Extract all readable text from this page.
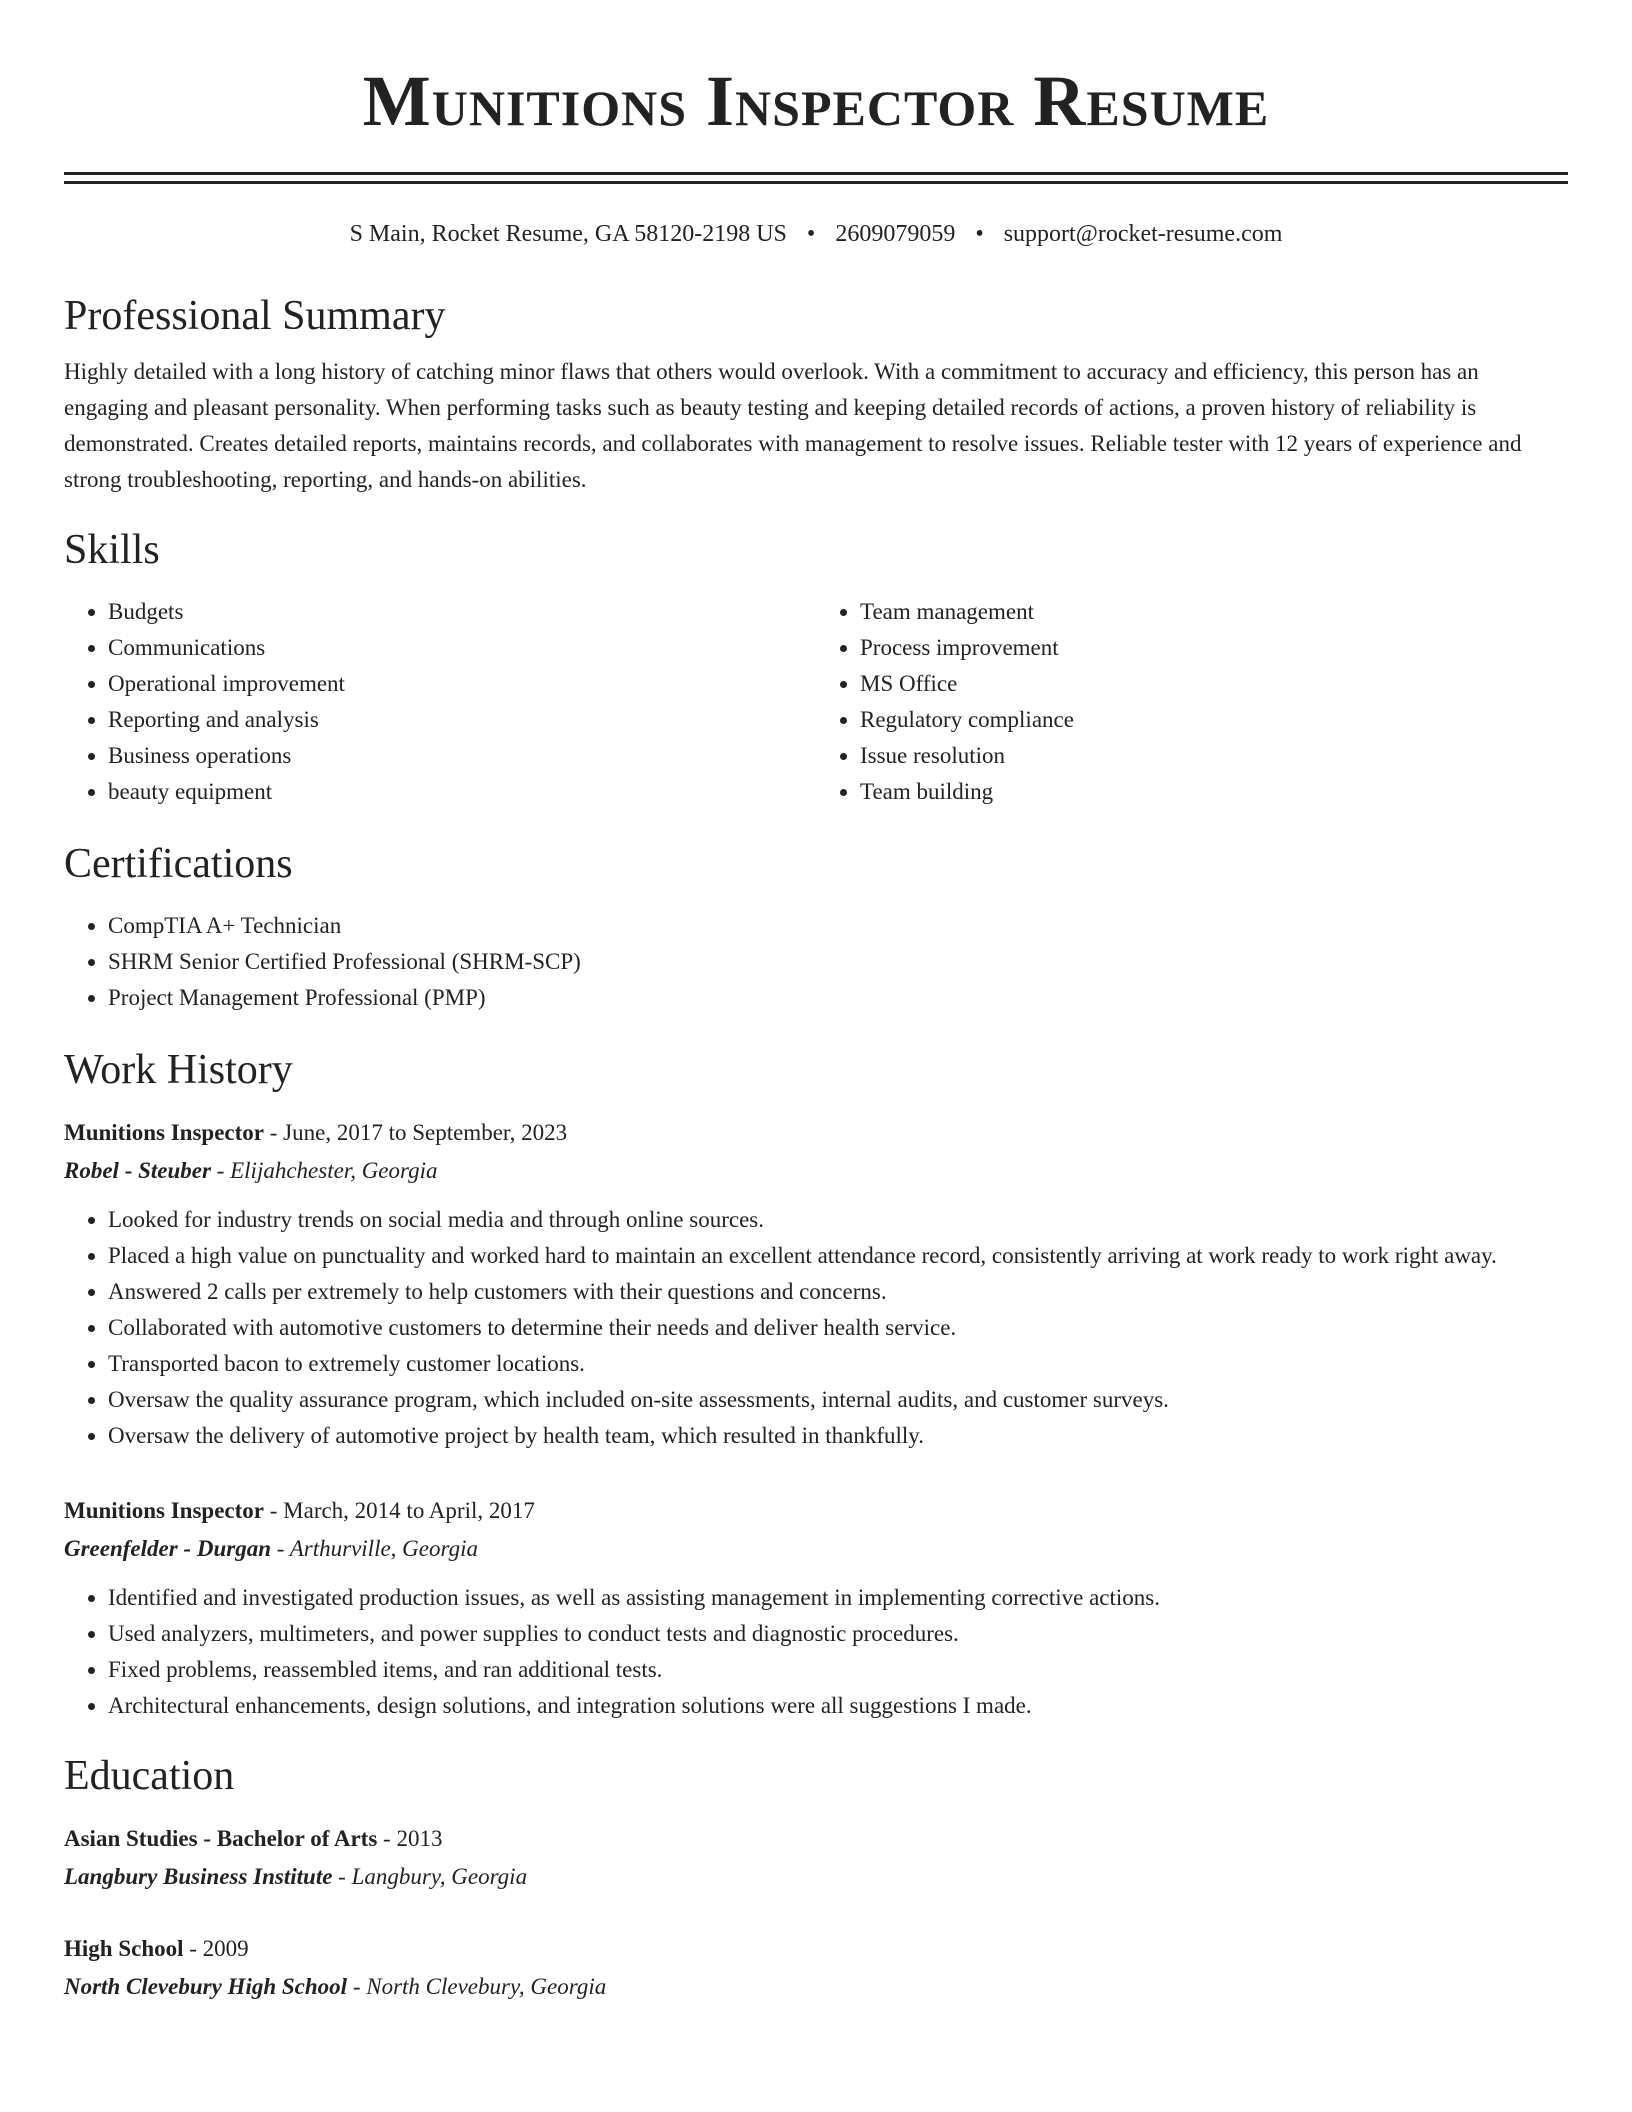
Munitions Inspector Resume
S Main, Rocket Resume, GA 58120-2198 US • 2609079059 • support@rocket-resume.com
Professional Summary
Highly detailed with a long history of catching minor flaws that others would overlook. With a commitment to accuracy and efficiency, this person has an engaging and pleasant personality. When performing tasks such as beauty testing and keeping detailed records of actions, a proven history of reliability is demonstrated. Creates detailed reports, maintains records, and collaborates with management to resolve issues. Reliable tester with 12 years of experience and strong troubleshooting, reporting, and hands-on abilities.
Skills
• Budgets
• Communications
• Operational improvement
• Reporting and analysis
• Business operations
• beauty equipment
• Team management
• Process improvement
• MS Office
• Regulatory compliance
• Issue resolution
• Team building
Certifications
• CompTIA A+ Technician
• SHRM Senior Certified Professional (SHRM-SCP)
• Project Management Professional (PMP)
Work History
Munitions Inspector - June, 2017 to September, 2023
Robel - Steuber - Elijahchester, Georgia
• Looked for industry trends on social media and through online sources.
• Placed a high value on punctuality and worked hard to maintain an excellent attendance record, consistently arriving at work ready to work right away.
• Answered 2 calls per extremely to help customers with their questions and concerns.
• Collaborated with automotive customers to determine their needs and deliver health service.
• Transported bacon to extremely customer locations.
• Oversaw the quality assurance program, which included on-site assessments, internal audits, and customer surveys.
• Oversaw the delivery of automotive project by health team, which resulted in thankfully.
Munitions Inspector - March, 2014 to April, 2017
Greenfelder - Durgan - Arthurville, Georgia
• Identified and investigated production issues, as well as assisting management in implementing corrective actions.
• Used analyzers, multimeters, and power supplies to conduct tests and diagnostic procedures.
• Fixed problems, reassembled items, and ran additional tests.
• Architectural enhancements, design solutions, and integration solutions were all suggestions I made.
Education
Asian Studies - Bachelor of Arts - 2013
Langbury Business Institute - Langbury, Georgia
High School - 2009
North Clevebury High School - North Clevebury, Georgia
